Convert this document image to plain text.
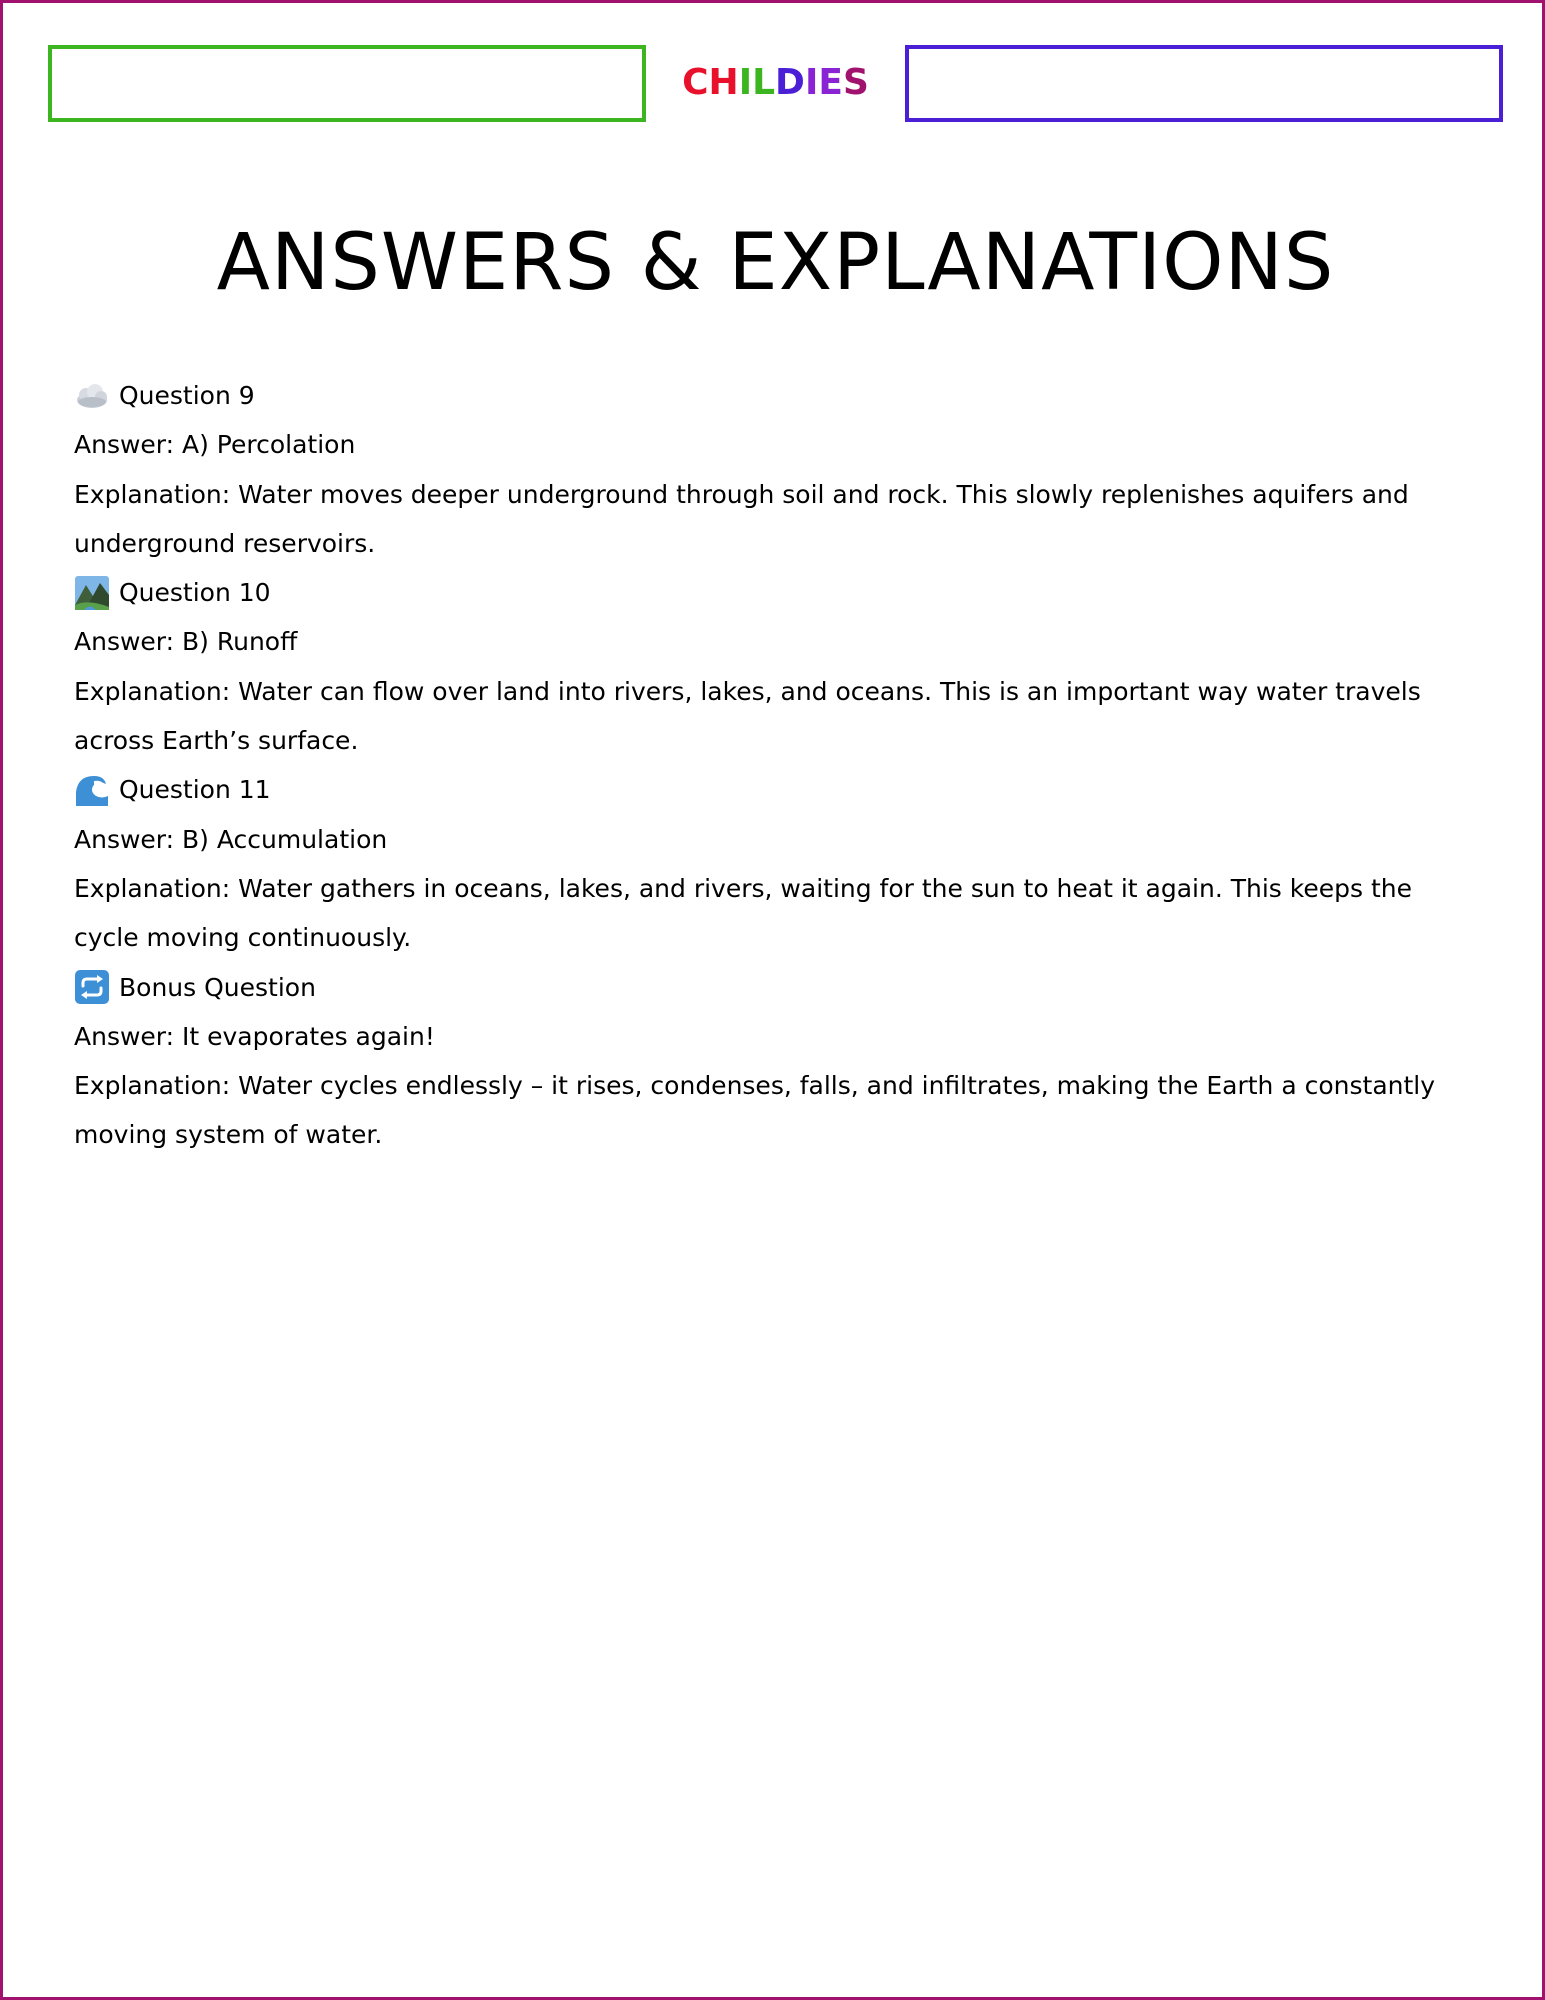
CHILDIES
ANSWERS & EXPLANATIONS
Question 9
Answer: A) Percolation
Explanation: Water moves deeper underground through soil and rock. This slowly replenishes aquifers and underground reservoirs.
Question 10
Answer: B) Runoff
Explanation: Water can flow over land into rivers, lakes, and oceans. This is an important way water travels across Earth’s surface.
Question 11
Answer: B) Accumulation
Explanation: Water gathers in oceans, lakes, and rivers, waiting for the sun to heat it again. This keeps the cycle moving continuously.
Bonus Question
Answer: It evaporates again!
Explanation: Water cycles endlessly – it rises, condenses, falls, and infiltrates, making the Earth a constantly moving system of water.
